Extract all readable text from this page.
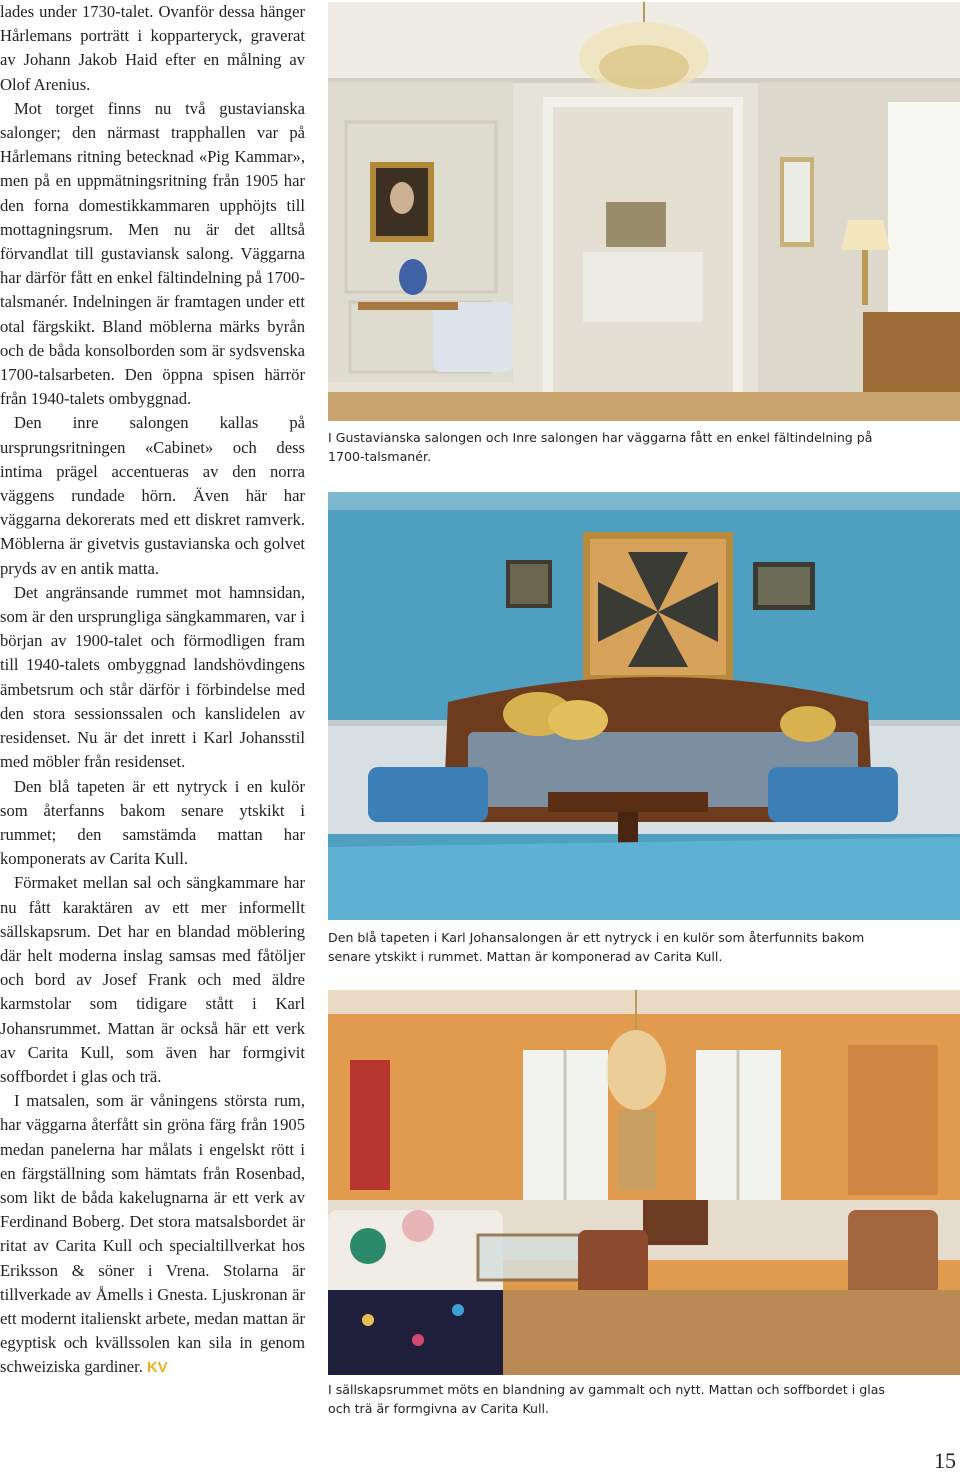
lades under 1730-talet. Ovanför dessa hänger Hårlemans porträtt i kopparteryck, graverat av Johann Jakob Haid efter en målning av Olof Arenius.

Mot torget finns nu två gustavianska salonger; den närmast trapphallen var på Hårlemans ritning betecknad «Pig Kammar», men på en uppmätningsritning från 1905 har den forna domestikkammaren upphöjts till mottagningsrum. Men nu är det alltså förvandlat till gustaviansk salong. Väggarna har därför fått en enkel fältindelning på 1700-talsmanér. Indelningen är framtagen under ett otal färgskikt. Bland möblerna märks byrån och de båda konsolborden som är sydsvenska 1700-talsarbeten. Den öppna spisen härrör från 1940-talets ombyggnad.

Den inre salongen kallas på ursprungsritningen «Cabinet» och dess intima prägel accentueras av den norra väggens rundade hörn. Även här har väggarna dekorerats med ett diskret ramverk. Möblerna är givetvis gustavianska och golvet pryds av en antik matta.

Det angränsande rummet mot hamnsidan, som är den ursprungliga sängkammaren, var i början av 1900-talet och förmodligen fram till 1940-talets ombyggnad landshövdingens ämbetsrum och står därför i förbindelse med den stora sessionssalen och kanslidelen av residenset. Nu är det inrett i Karl Johansstil med möbler från residenset.

Den blå tapeten är ett nytryck i en kulör som återfanns bakom senare ytskikt i rummet; den samstämda mattan har komponerats av Carita Kull.

Förmaket mellan sal och sängkammare har nu fått karaktären av ett mer informellt sällskapsrum. Det har en blandad möblering där helt moderna inslag samsas med fåtöljer och bord av Josef Frank och med äldre karmstolar som tidigare stått i Karl Johansrummet. Mattan är också här ett verk av Carita Kull, som även har formgivit soffbordet i glas och trä.

I matsalen, som är våningens största rum, har väggarna återfått sin gröna färg från 1905 medan panelerna har målats i engelskt rött i en färgställning som hämtats från Rosenbad, som likt de båda kakelugnarna är ett verk av Ferdinand Boberg. Det stora matsalsbordet är ritat av Carita Kull och specialtillverkat hos Eriksson & söner i Vrena. Stolarna är tillverkade av Åmells i Gnesta. Ljuskronan är ett modernt italienskt arbete, medan mattan är egyptisk och kvällssolen kan sila in genom schweiziska gardiner. KV

I Gustavianska salongen och Inre salongen har väggarna fått en enkel fältindelning på 1700-talsmanér.
Den blå tapeten i Karl Johansalongen är ett nytryck i en kulör som återfunnits bakom senare ytskikt i rummet. Mattan är komponerad av Carita Kull.
I sällskapsrummet möts en blandning av gammalt och nytt. Mattan och soffbordet i glas och trä är formgivna av Carita Kull.
15
